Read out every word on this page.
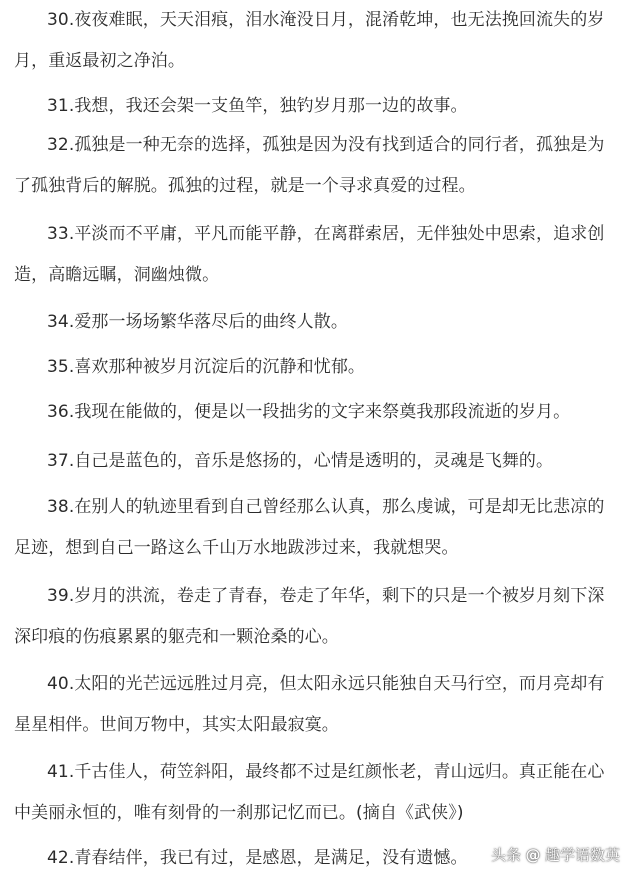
30.夜夜难眠，天天泪痕，泪水淹没日月，混淆乾坤，也无法挽回流失的岁
月，重返最初之净泊。

31.我想，我还会架一支鱼竿，独钓岁月那一边的故事。

32.孤独是一种无奈的选择，孤独是因为没有找到适合的同行者，孤独是为
了孤独背后的解脱。孤独的过程，就是一个寻求真爱的过程。

33.平淡而不平庸，平凡而能平静，在离群索居，无伴独处中思索，追求创
造，高瞻远瞩，洞幽烛微。

34.爱那一场场繁华落尽后的曲终人散。

35.喜欢那种被岁月沉淀后的沉静和忧郁。

36.我现在能做的，便是以一段拙劣的文字来祭奠我那段流逝的岁月。

37.自己是蓝色的，音乐是悠扬的，心情是透明的，灵魂是飞舞的。

38.在别人的轨迹里看到自己曾经那么认真，那么虔诚，可是却无比悲凉的
足迹，想到自己一路这么千山万水地跋涉过来，我就想哭。

39.岁月的洪流，卷走了青春，卷走了年华，剩下的只是一个被岁月刻下深
深印痕的伤痕累累的躯壳和一颗沧桑的心。

40.太阳的光芒远远胜过月亮，但太阳永远只能独自天马行空，而月亮却有
星星相伴。世间万物中，其实太阳最寂寞。

41.千古佳人，荷笠斜阳，最终都不过是红颜怅老，青山远归。真正能在心
中美丽永恒的，唯有刻骨的一刹那记忆而已。(摘自《武侠》)

42.青春结伴，我已有过，是感恩，是满足，没有遗憾。	头条 @ 趣学语数英
